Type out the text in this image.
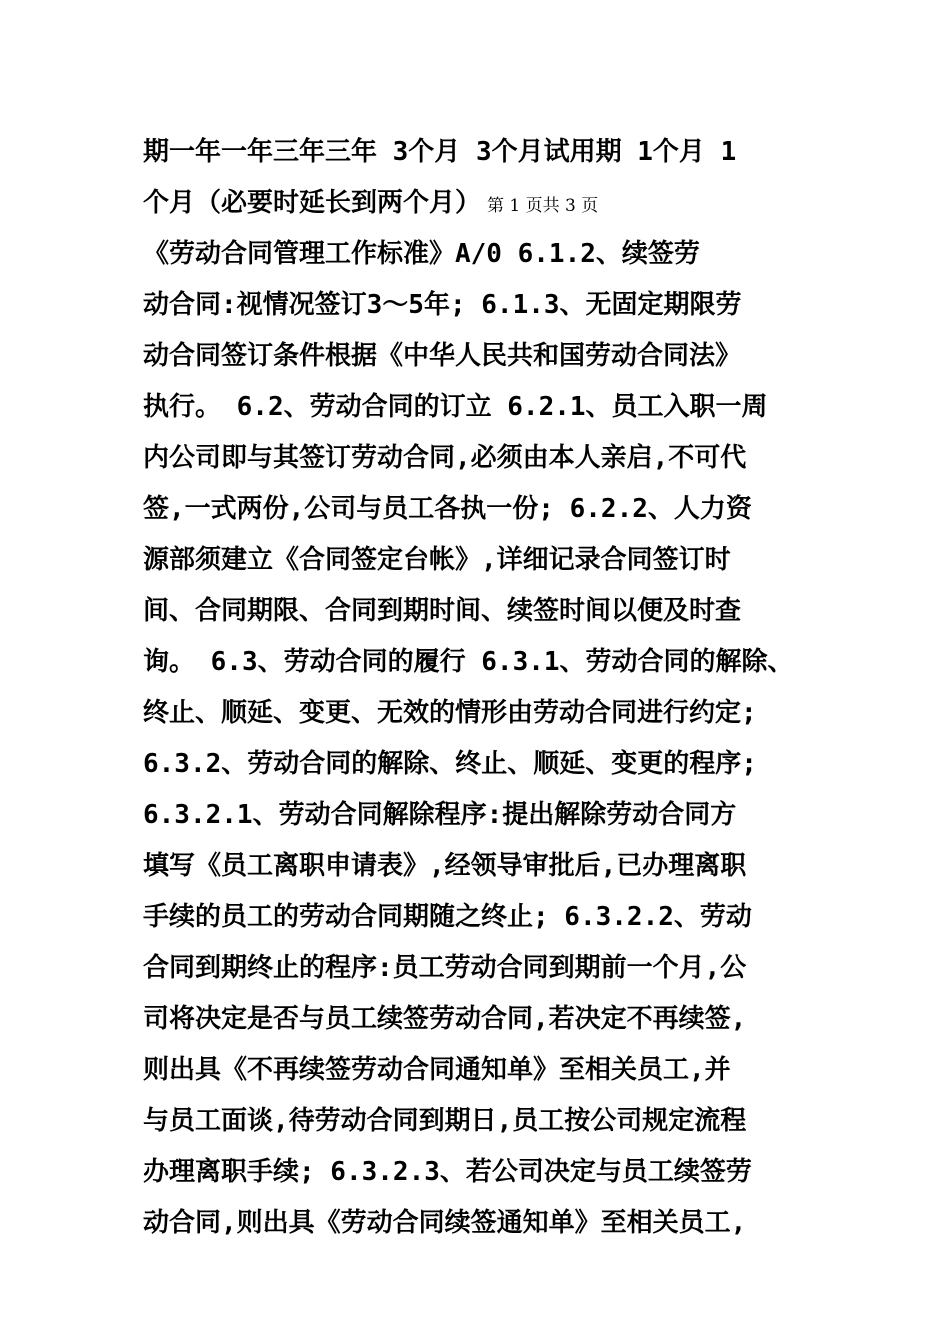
期一年一年三年三年 3个月 3个月试用期 1个月 1
个月（必要时延长到两个月） 第 1 页共 3 页
《劳动合同管理工作标准》A/0 6.1.2、续签劳
动合同:视情况签订3～5年; 6.1.3、无固定期限劳
动合同签订条件根据《中华人民共和国劳动合同法》
执行。 6.2、劳动合同的订立 6.2.1、员工入职一周
内公司即与其签订劳动合同,必须由本人亲启,不可代
签,一式两份,公司与员工各执一份; 6.2.2、人力资
源部须建立《合同签定台帐》,详细记录合同签订时
间、合同期限、合同到期时间、续签时间以便及时查
询。 6.3、劳动合同的履行 6.3.1、劳动合同的解除、
终止、顺延、变更、无效的情形由劳动合同进行约定;
6.3.2、劳动合同的解除、终止、顺延、变更的程序;
6.3.2.1、劳动合同解除程序:提出解除劳动合同方
填写《员工离职申请表》,经领导审批后,已办理离职
手续的员工的劳动合同期随之终止; 6.3.2.2、劳动
合同到期终止的程序:员工劳动合同到期前一个月,公
司将决定是否与员工续签劳动合同,若决定不再续签,
则出具《不再续签劳动合同通知单》至相关员工,并
与员工面谈,待劳动合同到期日,员工按公司规定流程
办理离职手续; 6.3.2.3、若公司决定与员工续签劳
动合同,则出具《劳动合同续签通知单》至相关员工,
